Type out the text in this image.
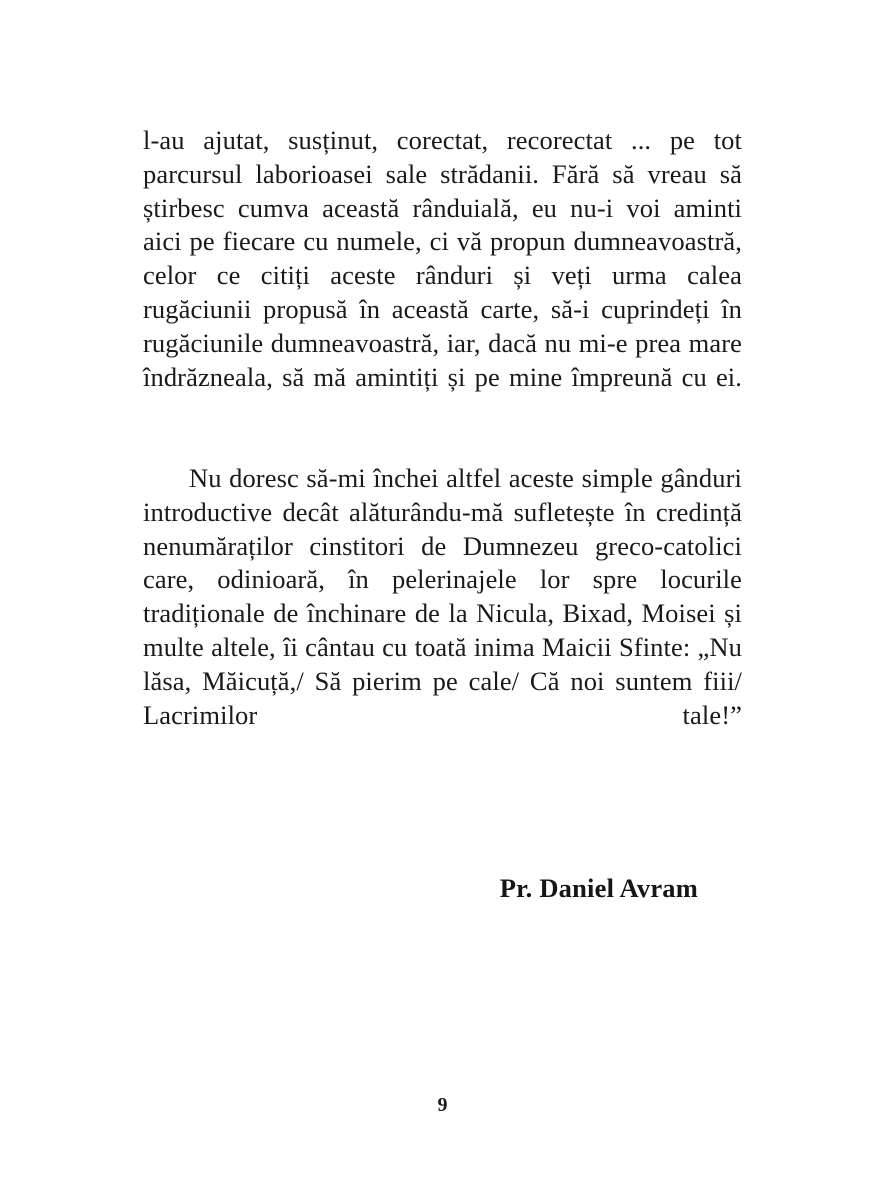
l-au ajutat, susținut, corectat, recorectat ... pe tot parcursul laborioasei sale strădanii. Fără să vreau să știrbesc cumva această rânduială, eu nu-i voi aminti aici pe fiecare cu numele, ci vă propun dumneavoastră, celor ce citiți aceste rânduri și veți urma calea rugăciunii propusă în această carte, să-i cuprindeți în rugăciunile dumneavoastră, iar, dacă nu mi-e prea mare îndrăzneala, să mă amintiți și pe mine împreună cu ei.

Nu doresc să-mi închei altfel aceste simple gânduri introductive decât alăturându-mă sufletește în credință nenumăraților cinstitori de Dumnezeu greco-catolici care, odinioară, în pelerinajele lor spre locurile tradiționale de închinare de la Nicula, Bixad, Moisei și multe altele, îi cântau cu toată inima Maicii Sfinte: „Nu lăsa, Măicuță,/ Să pierim pe cale/ Că noi suntem fiii/ Lacrimilor tale!”

Pr. Daniel Avram
9
